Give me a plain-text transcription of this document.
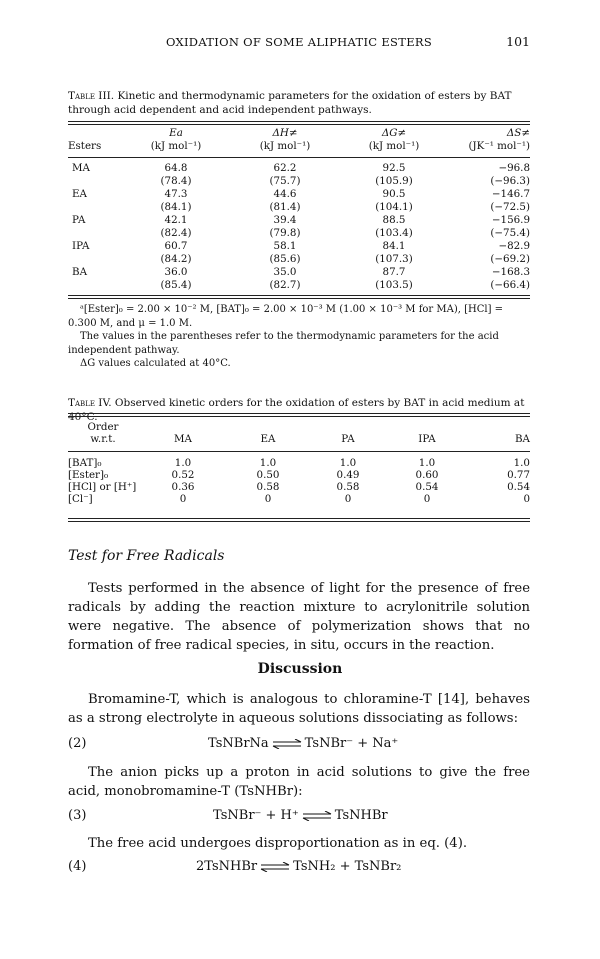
OXIDATION OF SOME ALIPHATIC ESTERS	101
Table III. Kinetic and thermodynamic parameters for the oxidation of esters by BAT through acid dependent and acid independent pathways.
	Ea	ΔH≠	ΔG≠	ΔS≠
Esters	(kJ mol⁻¹)	(kJ mol⁻¹)	(kJ mol⁻¹)	(JK⁻¹ mol⁻¹)
MA	64.8	62.2	92.5	−96.8
	(78.4)	(75.7)	(105.9)	(−96.3)
EA	47.3	44.6	90.5	−146.7
	(84.1)	(81.4)	(104.1)	(−72.5)
PA	42.1	39.4	88.5	−156.9
	(82.4)	(79.8)	(103.4)	(−75.4)
IPA	60.7	58.1	84.1	−82.9
	(84.2)	(85.6)	(107.3)	(−69.2)
BA	36.0	35.0	87.7	−168.3
	(85.4)	(82.7)	(103.5)	(−66.4)

ᵃ[Ester]₀ = 2.00 × 10⁻² M, [BAT]₀ = 2.00 × 10⁻³ M (1.00 × 10⁻³ M for MA), [HCl] = 0.300 M, and μ = 1.0 M.

The values in the parentheses refer to the thermodynamic parameters for the acid independent pathway.

ΔG values calculated at 40°C.

Table IV. Observed kinetic orders for the oxidation of esters by BAT in acid medium at 40°C.
Order					
w.r.t.	MA	EA	PA	IPA	BA
[BAT]₀	1.0	1.0	1.0	1.0	1.0
[Ester]₀	0.52	0.50	0.49	0.60	0.77
[HCl] or [H⁺]	0.36	0.58	0.58	0.54	0.54
[Cl⁻]	0	0	0	0	0
Test for Free Radicals

Tests performed in the absence of light for the presence of free radicals by adding the reaction mixture to acrylonitrile solution were negative. The absence of polymerization shows that no formation of free radical species, in situ, occurs in the reaction.

Discussion

Bromamine-T, which is analogous to chloramine-T [14], behaves as a strong electrolyte in aqueous solutions dissociating as follows:

(2)	TsNBrNa ⇌ TsNBr⁻ + Na⁺

The anion picks up a proton in acid solutions to give the free acid, monobromamine-T (TsNHBr):

(3)	TsNBr⁻ + H⁺ ⇌ TsNHBr

The free acid undergoes disproportionation as in eq. (4).

(4)	2TsNHBr ⇌ TsNH₂ + TsNBr₂
